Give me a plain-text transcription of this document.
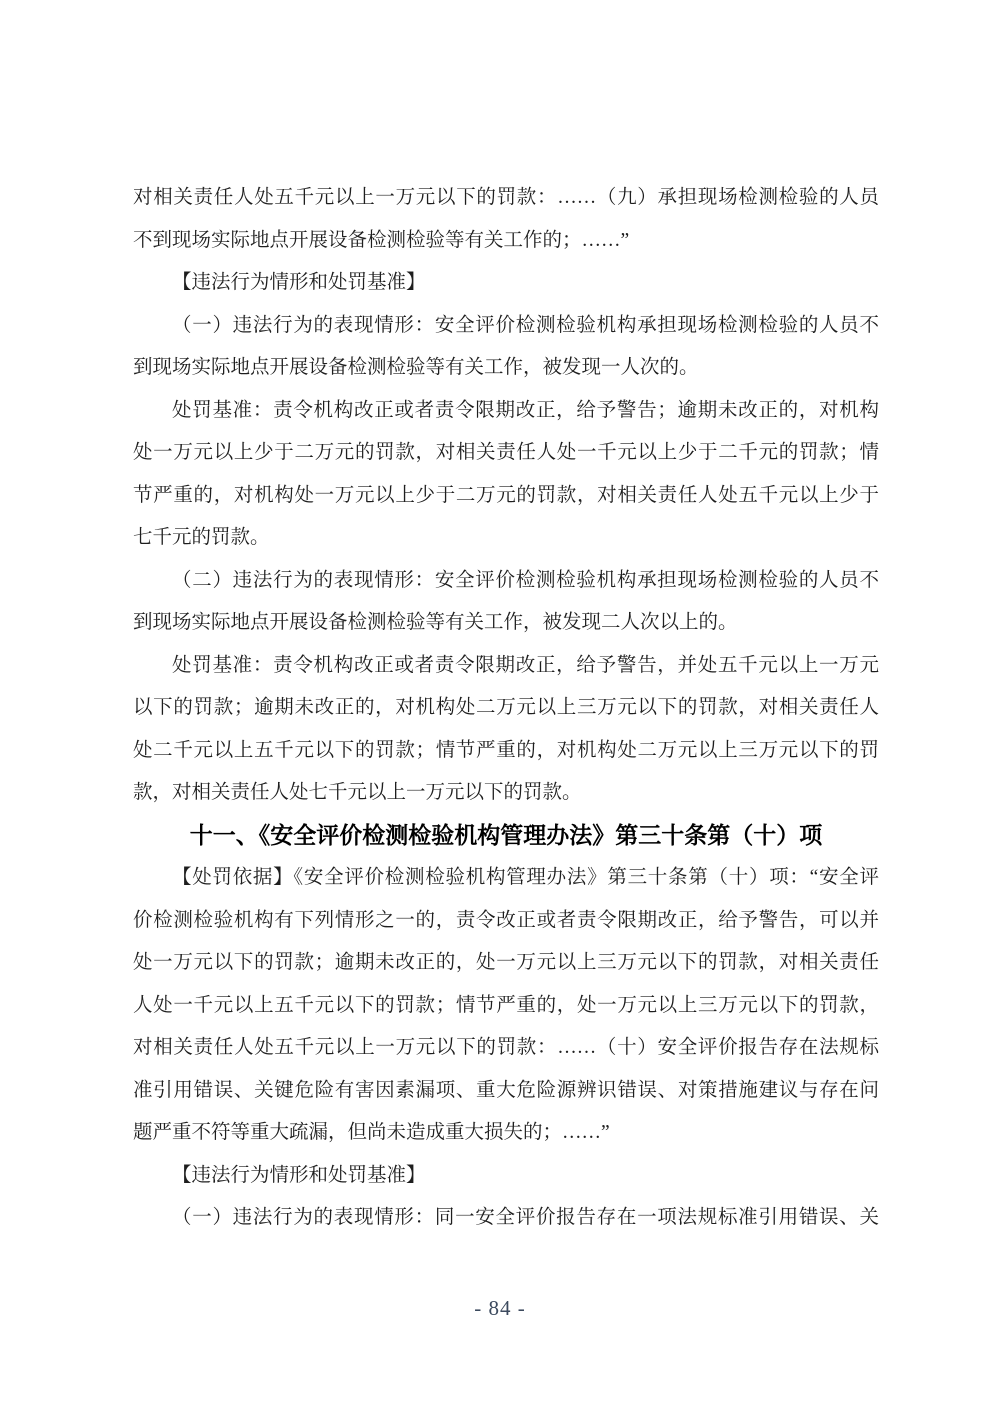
对相关责任人处五千元以上一万元以下的罚款：……（九）承担现场检测检验的人员
不到现场实际地点开展设备检测检验等有关工作的；……”
【违法行为情形和处罚基准】
（一）违法行为的表现情形：安全评价检测检验机构承担现场检测检验的人员不
到现场实际地点开展设备检测检验等有关工作，被发现一人次的。
处罚基准：责令机构改正或者责令限期改正，给予警告；逾期未改正的，对机构
处一万元以上少于二万元的罚款，对相关责任人处一千元以上少于二千元的罚款；情
节严重的，对机构处一万元以上少于二万元的罚款，对相关责任人处五千元以上少于
七千元的罚款。
（二）违法行为的表现情形：安全评价检测检验机构承担现场检测检验的人员不
到现场实际地点开展设备检测检验等有关工作，被发现二人次以上的。
处罚基准：责令机构改正或者责令限期改正，给予警告，并处五千元以上一万元
以下的罚款；逾期未改正的，对机构处二万元以上三万元以下的罚款，对相关责任人
处二千元以上五千元以下的罚款；情节严重的，对机构处二万元以上三万元以下的罚
款，对相关责任人处七千元以上一万元以下的罚款。
十一、《安全评价检测检验机构管理办法》第三十条第（十）项
【处罚依据】《安全评价检测检验机构管理办法》第三十条第（十）项：“安全评
价检测检验机构有下列情形之一的，责令改正或者责令限期改正，给予警告，可以并
处一万元以下的罚款；逾期未改正的，处一万元以上三万元以下的罚款，对相关责任
人处一千元以上五千元以下的罚款；情节严重的，处一万元以上三万元以下的罚款，
对相关责任人处五千元以上一万元以下的罚款：……（十）安全评价报告存在法规标
准引用错误、关键危险有害因素漏项、重大危险源辨识错误、对策措施建议与存在问
题严重不符等重大疏漏，但尚未造成重大损失的；……”
【违法行为情形和处罚基准】
（一）违法行为的表现情形：同一安全评价报告存在一项法规标准引用错误、关
- 84 -
